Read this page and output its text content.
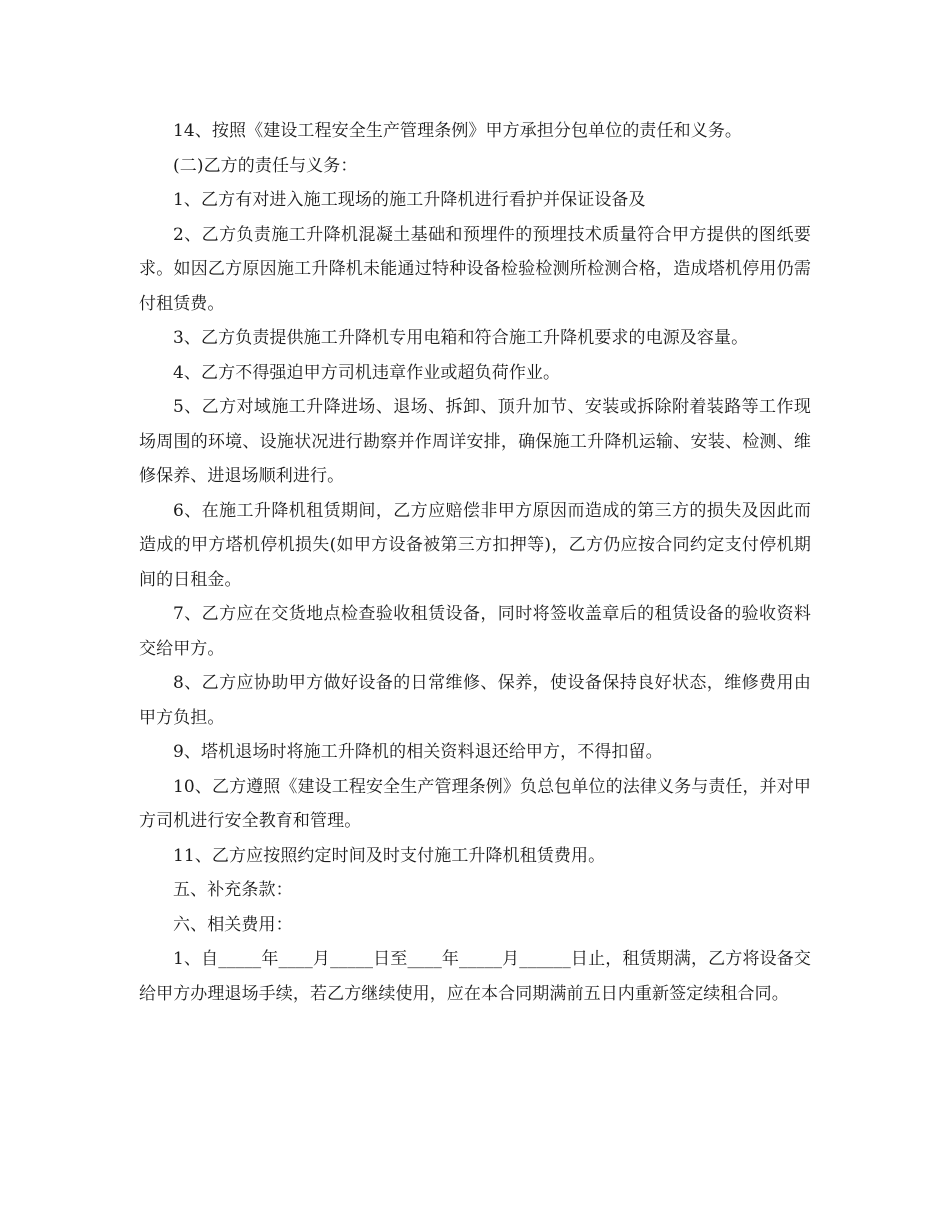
14、按照《建设工程安全生产管理条例》甲方承担分包单位的责任和义务。

(二)乙方的责任与义务：

1、乙方有对进入施工现场的施工升降机进行看护并保证设备及

2、乙方负责施工升降机混凝土基础和预埋件的预埋技术质量符合甲方提供的图纸要求。如因乙方原因施工升降机未能通过特种设备检验检测所检测合格，造成塔机停用仍需付租赁费。

3、乙方负责提供施工升降机专用电箱和符合施工升降机要求的电源及容量。

4、乙方不得强迫甲方司机违章作业或超负荷作业。

5、乙方对域施工升降进场、退场、拆卸、顶升加节、安装或拆除附着装路等工作现场周围的环境、设施状况进行勘察并作周详安排，确保施工升降机运输、安装、检测、维修保养、进退场顺利进行。

6、在施工升降机租赁期间，乙方应赔偿非甲方原因而造成的第三方的损失及因此而造成的甲方塔机停机损失(如甲方设备被第三方扣押等)，乙方仍应按合同约定支付停机期间的日租金。

7、乙方应在交货地点检查验收租赁设备，同时将签收盖章后的租赁设备的验收资料交给甲方。

8、乙方应协助甲方做好设备的日常维修、保养，使设备保持良好状态，维修费用由甲方负担。

9、塔机退场时将施工升降机的相关资料退还给甲方，不得扣留。

10、乙方遵照《建设工程安全生产管理条例》负总包单位的法律义务与责任，并对甲方司机进行安全教育和管理。

11、乙方应按照约定时间及时支付施工升降机租赁费用。

五、补充条款：

六、相关费用：

1、自_____年____月_____日至____年_____月______日止，租赁期满，乙方将设备交给甲方办理退场手续，若乙方继续使用，应在本合同期满前五日内重新签定续租合同。
